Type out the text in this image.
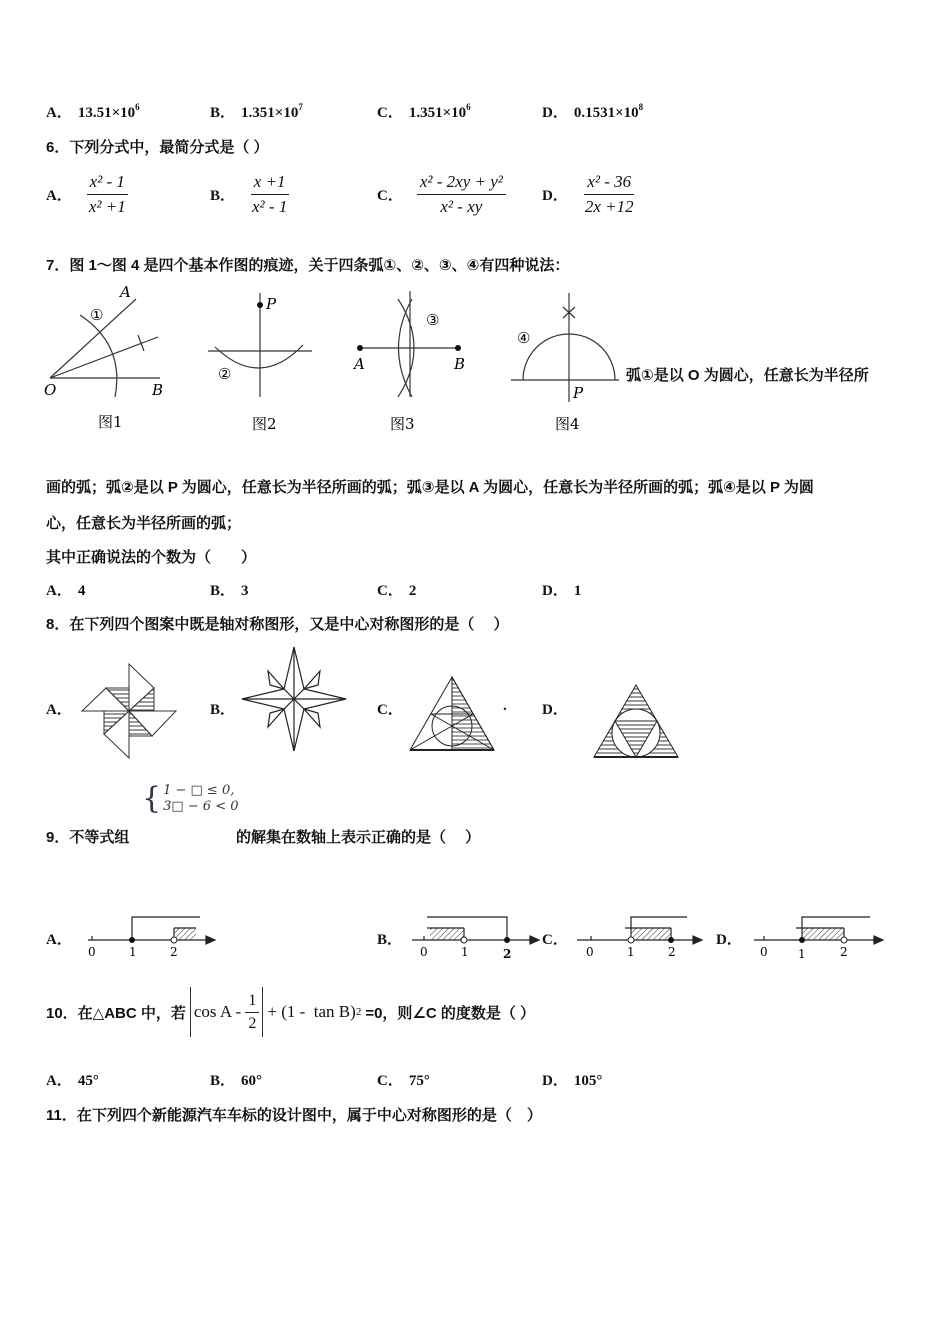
A． $13.51\times 10^6$	B． $1.351\times 10^7$	C． $1.351\times 10^6$	D． $0.1531\times 10^8$
6．下列分式中，最简分式是（ ）
A． $\frac{\text{x² - 1}}{\text{x² +1}}$	B． $\frac{x +1}{\text{x² - 1}}$	C． $\frac{\text{x² - 2xy + y²}}{\text{x² - xy}}$ D． $\frac{\text{x² - 36}}{2x +12}$
7．图 1～图 4 是四个基本作图的痕迹，关于四条弧①、②、③、④有四种说法：
A
O	B
①
图1
P
②
图2
A	B
③
图3
P
④
图4
弧①是以 O 为圆心，任意长为半径所
画的弧；弧②是以 P 为圆心，任意长为半径所画的弧；弧③是以 A 为圆心，任意长为半径所画的弧；弧④是以 P 为圆
心，任意长为半径所画的弧；
其中正确说法的个数为（　　）
A． 4	B． 3	C． 2	D． 1
8．在下列四个图案中既是轴对称图形，又是中心对称图形的是（　 ）
A．	B．	C．	. D．
{ 1 − □ ≤ 0,
3□ − 6 < 0
9．不等式组	的解集在数轴上表示正确的是（　 ）
A．
0	1	2
B．
0	1	2
C．
0	1	2
D．
0	1	2
10．在△ABC 中，若 $\cos A - \frac{1}{2} + (1 - \tan B)$ 2 =0，则∠C 的度数是（ ）
A． 45°	B． 60°	C． 75°	D． 105°
11．在下列四个新能源汽车车标的设计图中，属于中心对称图形的是（　）
